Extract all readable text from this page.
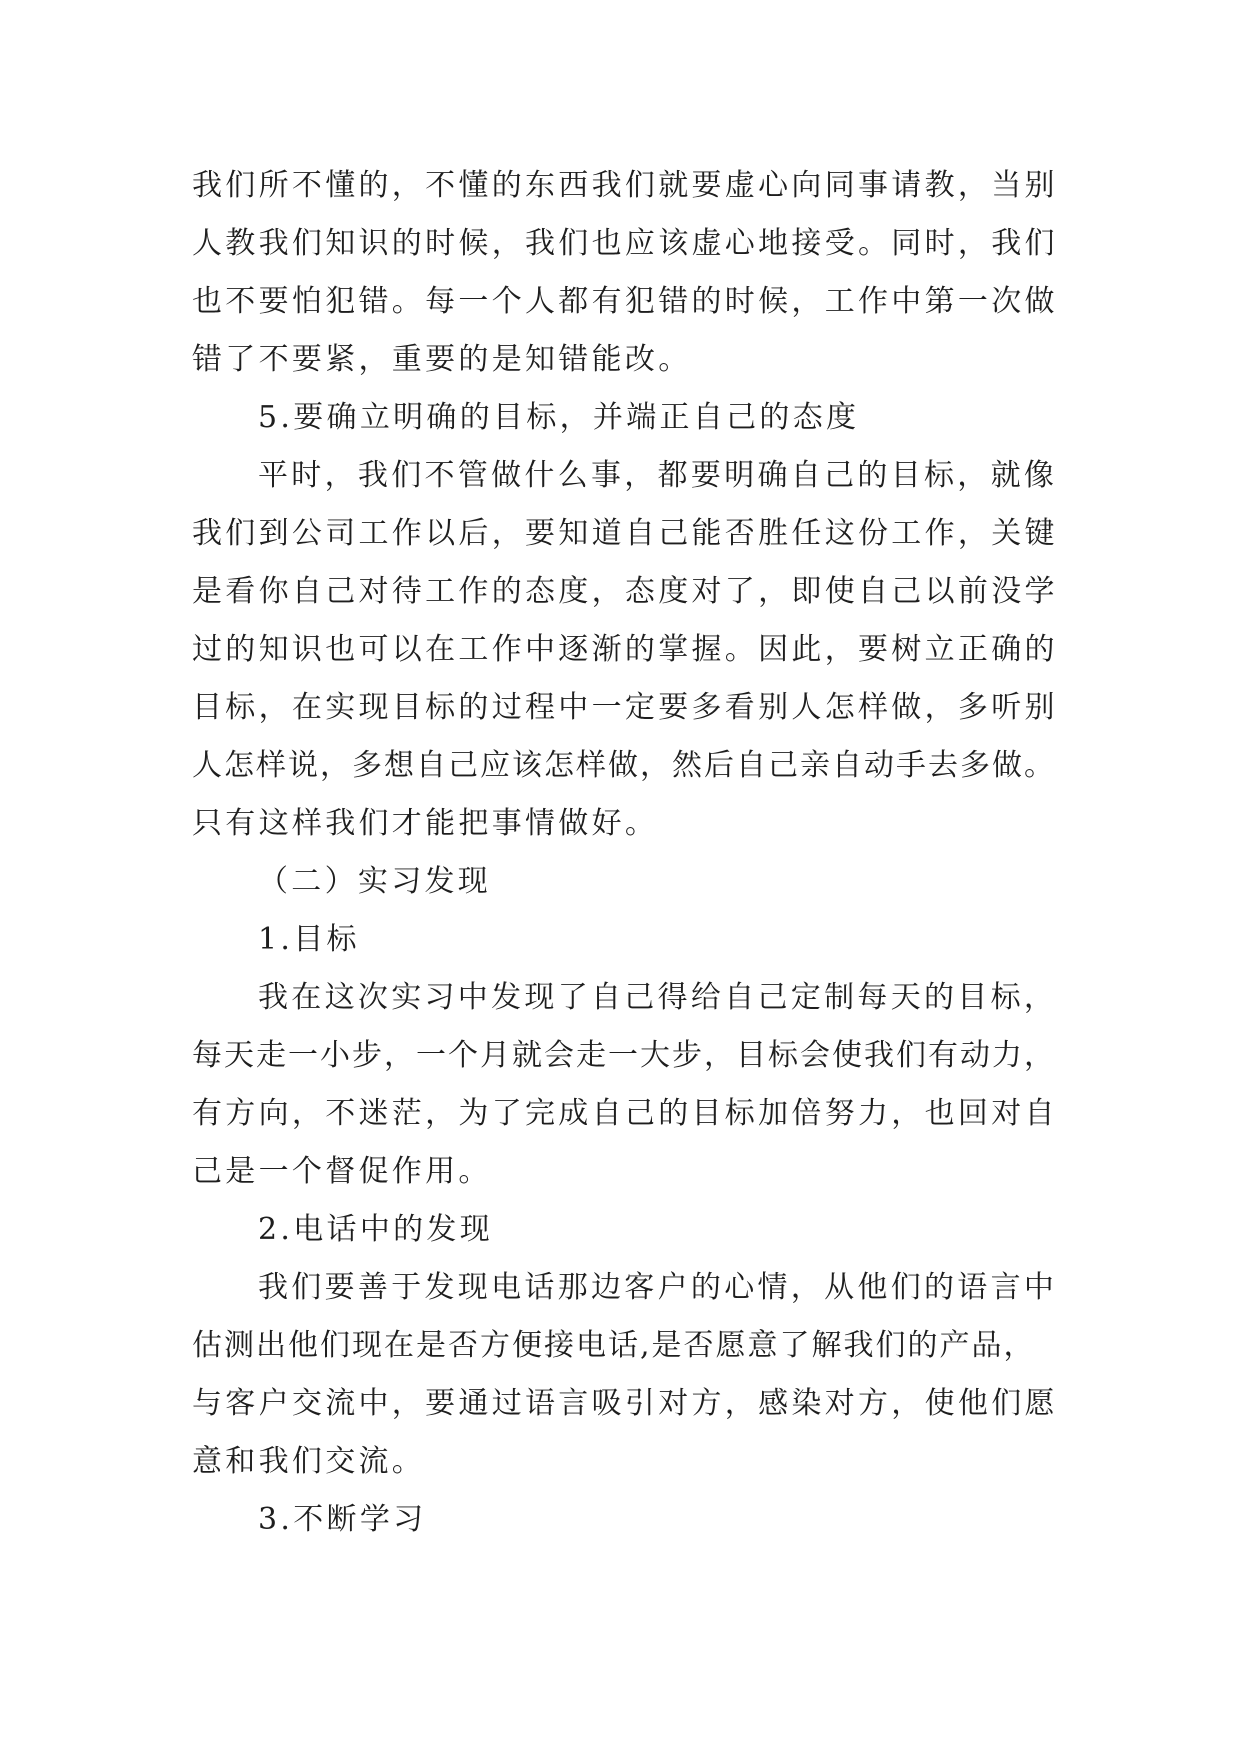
我们所不懂的，不懂的东西我们就要虚心向同事请教，当别
人教我们知识的时候，我们也应该虚心地接受。同时，我们
也不要怕犯错。每一个人都有犯错的时候，工作中第一次做
错了不要紧，重要的是知错能改。
5.要确立明确的目标，并端正自己的态度
平时，我们不管做什么事，都要明确自己的目标，就像
我们到公司工作以后，要知道自己能否胜任这份工作，关键
是看你自己对待工作的态度，态度对了，即使自己以前没学
过的知识也可以在工作中逐渐的掌握。因此，要树立正确的
目标，在实现目标的过程中一定要多看别人怎样做，多听别
人怎样说，多想自己应该怎样做，然后自己亲自动手去多做。
只有这样我们才能把事情做好。
（二）实习发现
1.目标
我在这次实习中发现了自己得给自己定制每天的目标，
每天走一小步，一个月就会走一大步，目标会使我们有动力，
有方向，不迷茫，为了完成自己的目标加倍努力，也回对自
己是一个督促作用。
2.电话中的发现
我们要善于发现电话那边客户的心情，从他们的语言中
估测出他们现在是否方便接电话,是否愿意了解我们的产品，
与客户交流中，要通过语言吸引对方，感染对方，使他们愿
意和我们交流。
3.不断学习
